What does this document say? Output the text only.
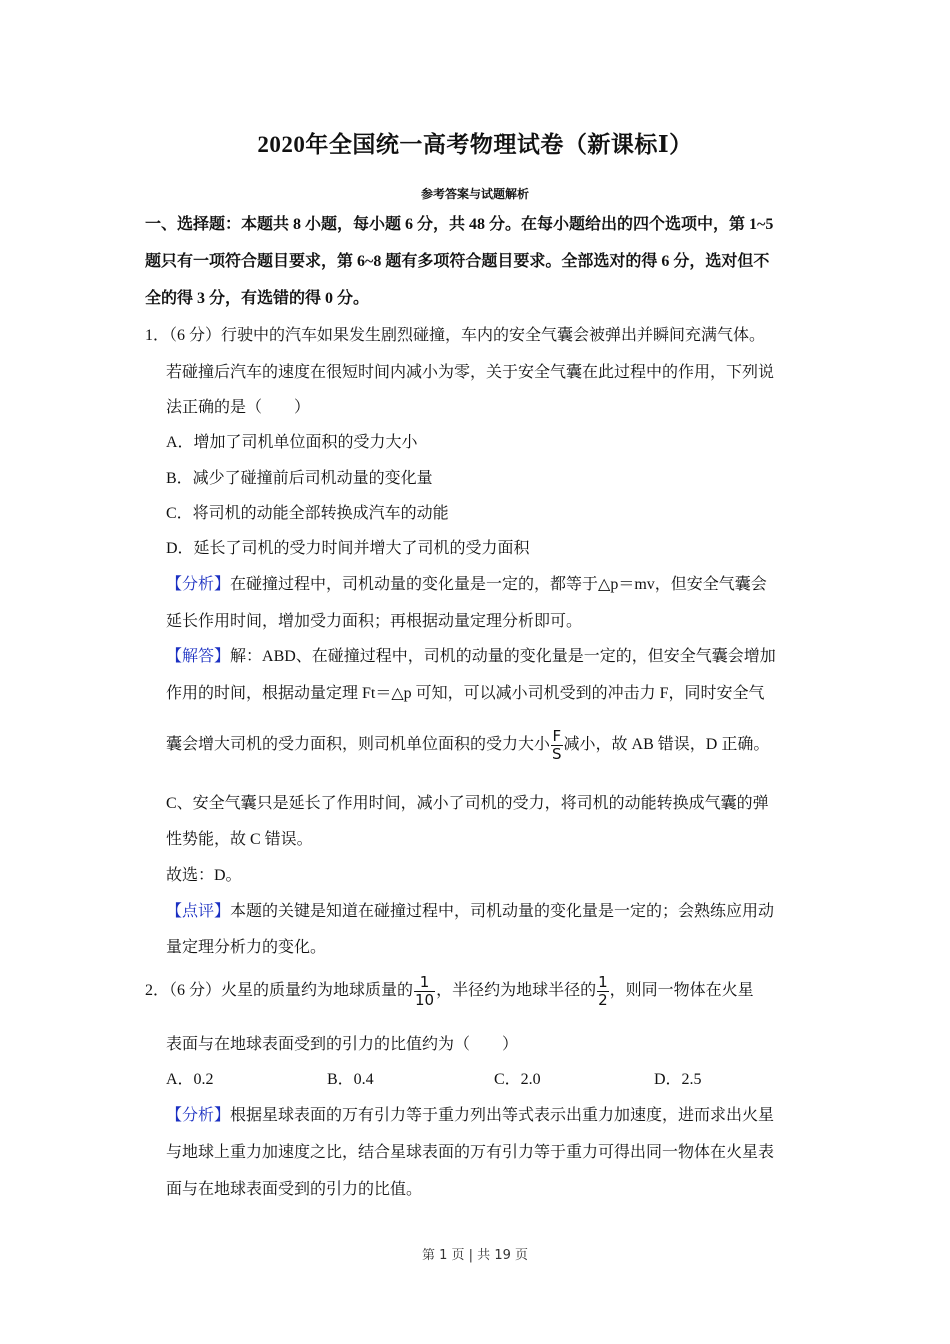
2020年全国统一高考物理试卷（新课标Ⅰ）
参考答案与试题解析
一、选择题：本题共 8 小题，每小题 6 分，共 48 分。在每小题给出的四个选项中，第 1~5
题只有一项符合题目要求，第 6~8 题有多项符合题目要求。全部选对的得 6 分，选对但不
全的得 3 分，有选错的得 0 分。
1．（6 分）行驶中的汽车如果发生剧烈碰撞，车内的安全气囊会被弹出并瞬间充满气体。
若碰撞后汽车的速度在很短时间内减小为零，关于安全气囊在此过程中的作用，下列说
法正确的是（　　）
A．增加了司机单位面积的受力大小
B．减少了碰撞前后司机动量的变化量
C．将司机的动能全部转换成汽车的动能
D．延长了司机的受力时间并增大了司机的受力面积
【分析】在碰撞过程中，司机动量的变化量是一定的，都等于△p＝mv，但安全气囊会
延长作用时间，增加受力面积；再根据动量定理分析即可。
【解答】解：ABD、在碰撞过程中，司机的动量的变化量是一定的，但安全气囊会增加
作用的时间，根据动量定理 Ft＝△p 可知，可以减小司机受到的冲击力 F，同时安全气
囊会增大司机的受力面积，则司机单位面积的受力大小 $\frac{F}{S}$ 减小，故 AB 错误，D 正确。
C、安全气囊只是延长了作用时间，减小了司机的受力，将司机的动能转换成气囊的弹
性势能，故 C 错误。
故选：D。
【点评】本题的关键是知道在碰撞过程中，司机动量的变化量是一定的；会熟练应用动
量定理分析力的变化。
2．（6 分）火星的质量约为地球质量的 $\frac{1}{10}$ ，半径约为地球半径的 $\frac{1}{2}$ ，则同一物体在火星
表面与在地球表面受到的引力的比值约为（　　）
A．0.2	B．0.4	C．2.0	D．2.5
【分析】根据星球表面的万有引力等于重力列出等式表示出重力加速度，进而求出火星
与地球上重力加速度之比，结合星球表面的万有引力等于重力可得出同一物体在火星表
面与在地球表面受到的引力的比值。
第 1 页 | 共 19 页
